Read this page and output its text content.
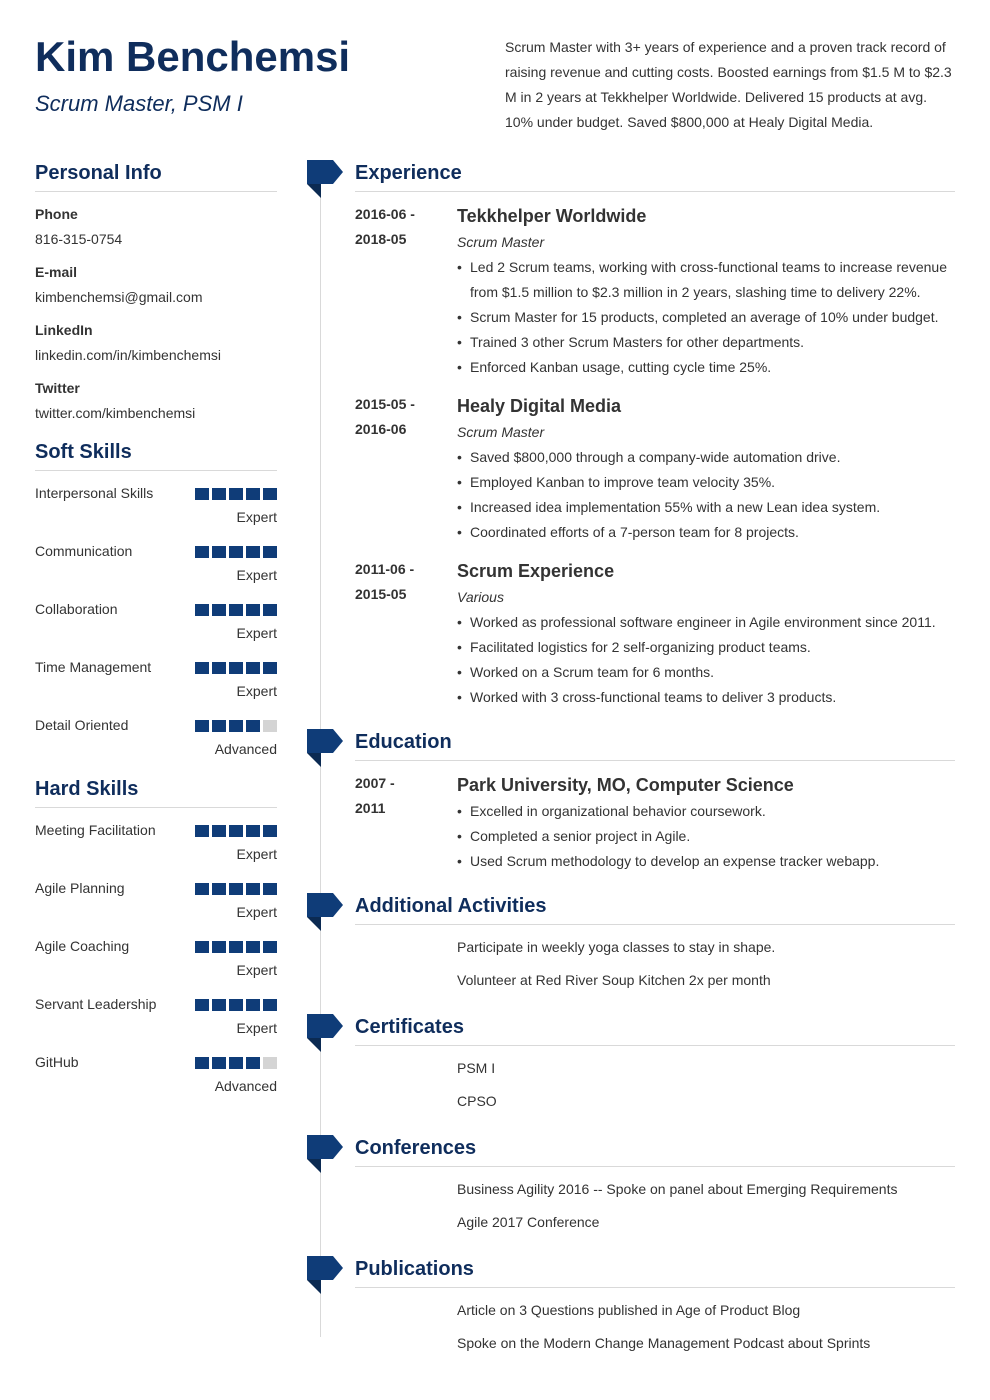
Kim Benchemsi
Scrum Master, PSM I
Scrum Master with 3+ years of experience and a proven track record of raising revenue and cutting costs. Boosted earnings from $1.5 M to $2.3 M in 2 years at Tekkhelper Worldwide. Delivered 15 products at avg. 10% under budget. Saved $800,000 at Healy Digital Media.
Personal Info
Phone
816-315-0754
E-mail
kimbenchemsi@gmail.com
LinkedIn
linkedin.com/in/kimbenchemsi
Twitter
twitter.com/kimbenchemsi
Soft Skills
Interpersonal Skills
Expert
Communication
Expert
Collaboration
Expert
Time Management
Expert
Detail Oriented
Advanced
Hard Skills
Meeting Facilitation
Expert
Agile Planning
Expert
Agile Coaching
Expert
Servant Leadership
Expert
GitHub
Advanced
Experience
2016-06 -
2018-05
Tekkhelper Worldwide
Scrum Master
• Led 2 Scrum teams, working with cross-functional teams to increase revenue from $1.5 million to $2.3 million in 2 years, slashing time to delivery 22%.
• Scrum Master for 15 products, completed an average of 10% under budget.
• Trained 3 other Scrum Masters for other departments.
• Enforced Kanban usage, cutting cycle time 25%.
2015-05 -
2016-06
Healy Digital Media
Scrum Master
• Saved $800,000 through a company-wide automation drive.
• Employed Kanban to improve team velocity 35%.
• Increased idea implementation 55% with a new Lean idea system.
• Coordinated efforts of a 7-person team for 8 projects.
2011-06 -
2015-05
Scrum Experience
Various
• Worked as professional software engineer in Agile environment since 2011.
• Facilitated logistics for 2 self-organizing product teams.
• Worked on a Scrum team for 6 months.
• Worked with 3 cross-functional teams to deliver 3 products.
Education
2007 -
2011
Park University, MO, Computer Science
• Excelled in organizational behavior coursework.
• Completed a senior project in Agile.
• Used Scrum methodology to develop an expense tracker webapp.
Additional Activities
Participate in weekly yoga classes to stay in shape.
Volunteer at Red River Soup Kitchen 2x per month
Certificates
PSM I
CPSO
Conferences
Business Agility 2016 -- Spoke on panel about Emerging Requirements
Agile 2017 Conference
Publications
Article on 3 Questions published in Age of Product Blog
Spoke on the Modern Change Management Podcast about Sprints
